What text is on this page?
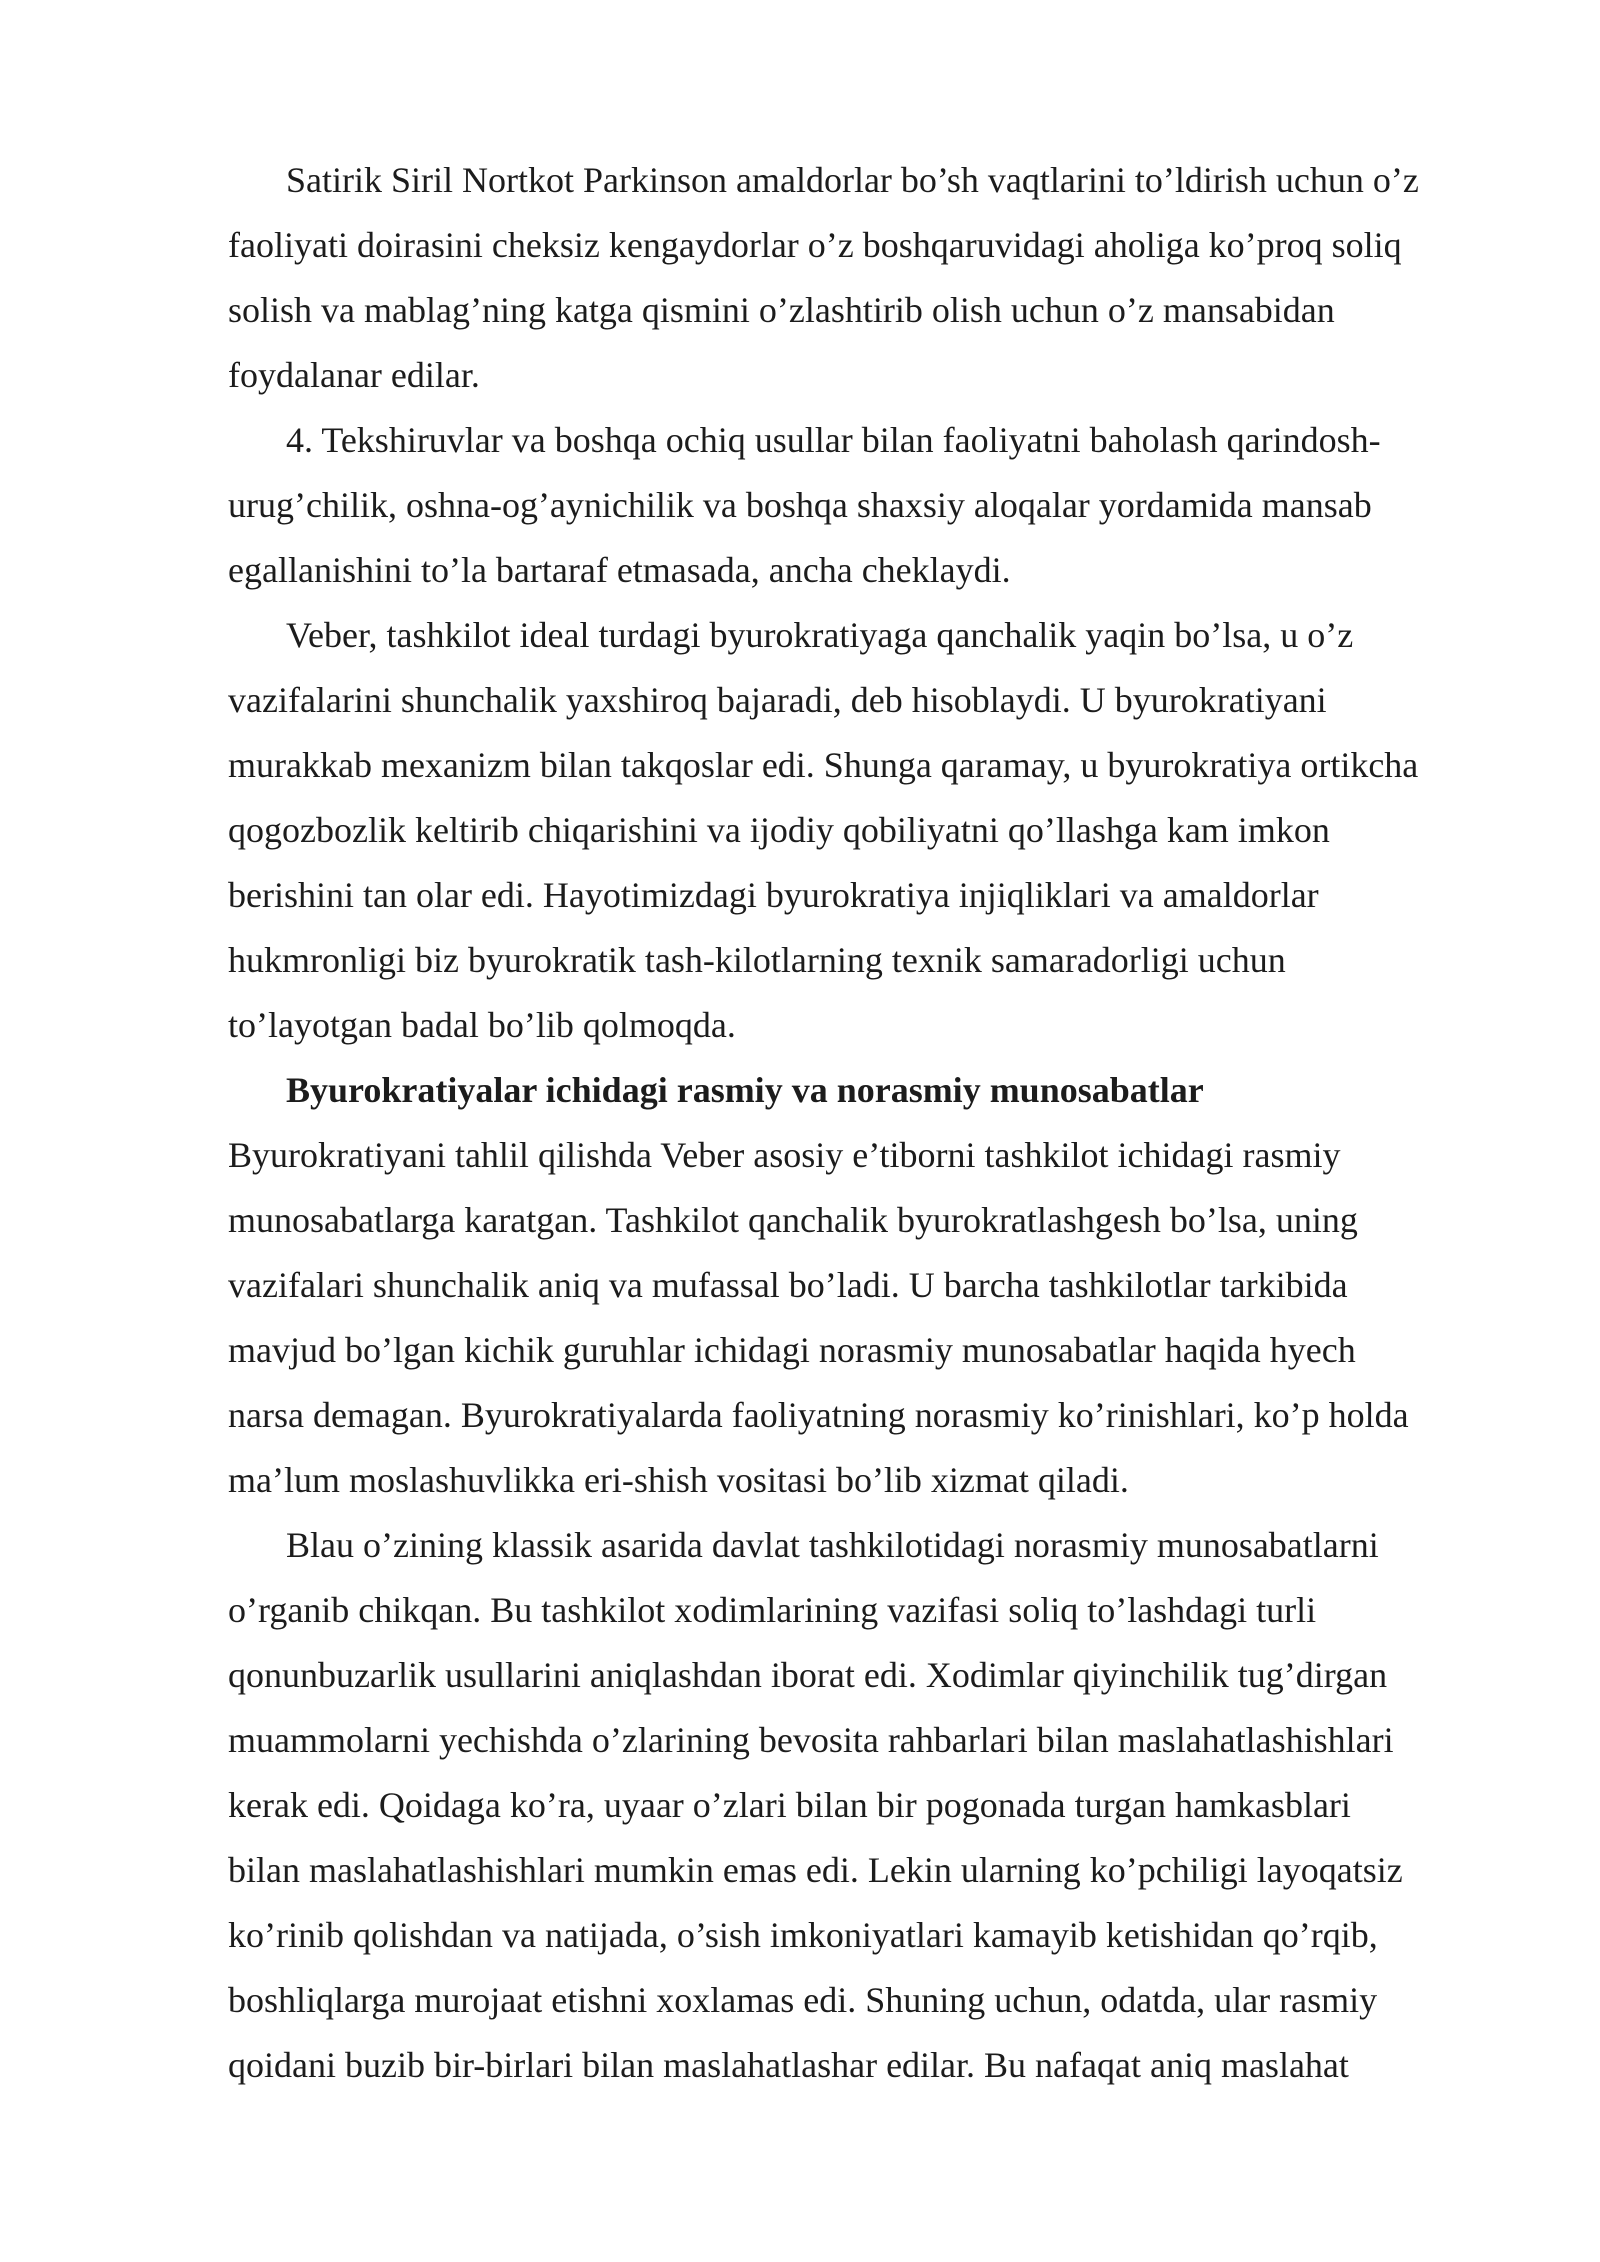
Satirik Siril Nortkot Parkinson amaldorlar bo’sh vaqtlarini to’ldirish uchun o’z
faoliyati doirasini cheksiz kengaydorlar o’z boshqaruvidagi aholiga ko’proq soliq
solish va mablag’ning katga qismini o’zlashtirib olish uchun o’z mansabidan
foydalanar edilar.
4. Tekshiruvlar va boshqa ochiq usullar bilan faoliyatni baholash qarindosh-
urug’chilik, oshna-og’aynichilik va boshqa shaxsiy aloqalar yordamida mansab
egallanishini to’la bartaraf etmasada, ancha cheklaydi.
Veber, tashkilot ideal turdagi byurokratiyaga qanchalik yaqin bo’lsa, u o’z
vazifalarini shunchalik yaxshiroq bajaradi, deb hisoblaydi. U byurokratiyani
murakkab mexanizm bilan takqoslar edi. Shunga qaramay, u byurokratiya ortikcha
qogozbozlik keltirib chiqarishini va ijodiy qobiliyatni qo’llashga kam imkon
berishini tan olar edi. Hayotimizdagi byurokratiya injiqliklari va amaldorlar
hukmronligi biz byurokratik tash-kilotlarning texnik samaradorligi uchun
to’layotgan badal bo’lib qolmoqda.
Byurokratiyalar ichidagi rasmiy va norasmiy munosabatlar
Byurokratiyani tahlil qilishda Veber asosiy e’tiborni tashkilot ichidagi rasmiy
munosabatlarga karatgan. Tashkilot qanchalik byurokratlashgesh bo’lsa, uning
vazifalari shunchalik aniq va mufassal bo’ladi. U barcha tashkilotlar tarkibida
mavjud bo’lgan kichik guruhlar ichidagi norasmiy munosabatlar haqida hyech
narsa demagan. Byurokratiyalarda faoliyatning norasmiy ko’rinishlari, ko’p holda
ma’lum moslashuvlikka eri-shish vositasi bo’lib xizmat qiladi.
Blau o’zining klassik asarida davlat tashkilotidagi norasmiy munosabatlarni
o’rganib chikqan. Bu tashkilot xodimlarining vazifasi soliq to’lashdagi turli
qonunbuzarlik usullarini aniqlashdan iborat edi. Xodimlar qiyinchilik tug’dirgan
muammolarni yechishda o’zlarining bevosita rahbarlari bilan maslahatlashishlari
kerak edi. Qoidaga ko’ra, uyaar o’zlari bilan bir pogonada turgan hamkasblari
bilan maslahatlashishlari mumkin emas edi. Lekin ularning ko’pchiligi layoqatsiz
ko’rinib qolishdan va natijada, o’sish imkoniyatlari kamayib ketishidan qo’rqib,
boshliqlarga murojaat etishni xoxlamas edi. Shuning uchun, odatda, ular rasmiy
qoidani buzib bir-birlari bilan maslahatlashar edilar. Bu nafaqat aniq maslahat
